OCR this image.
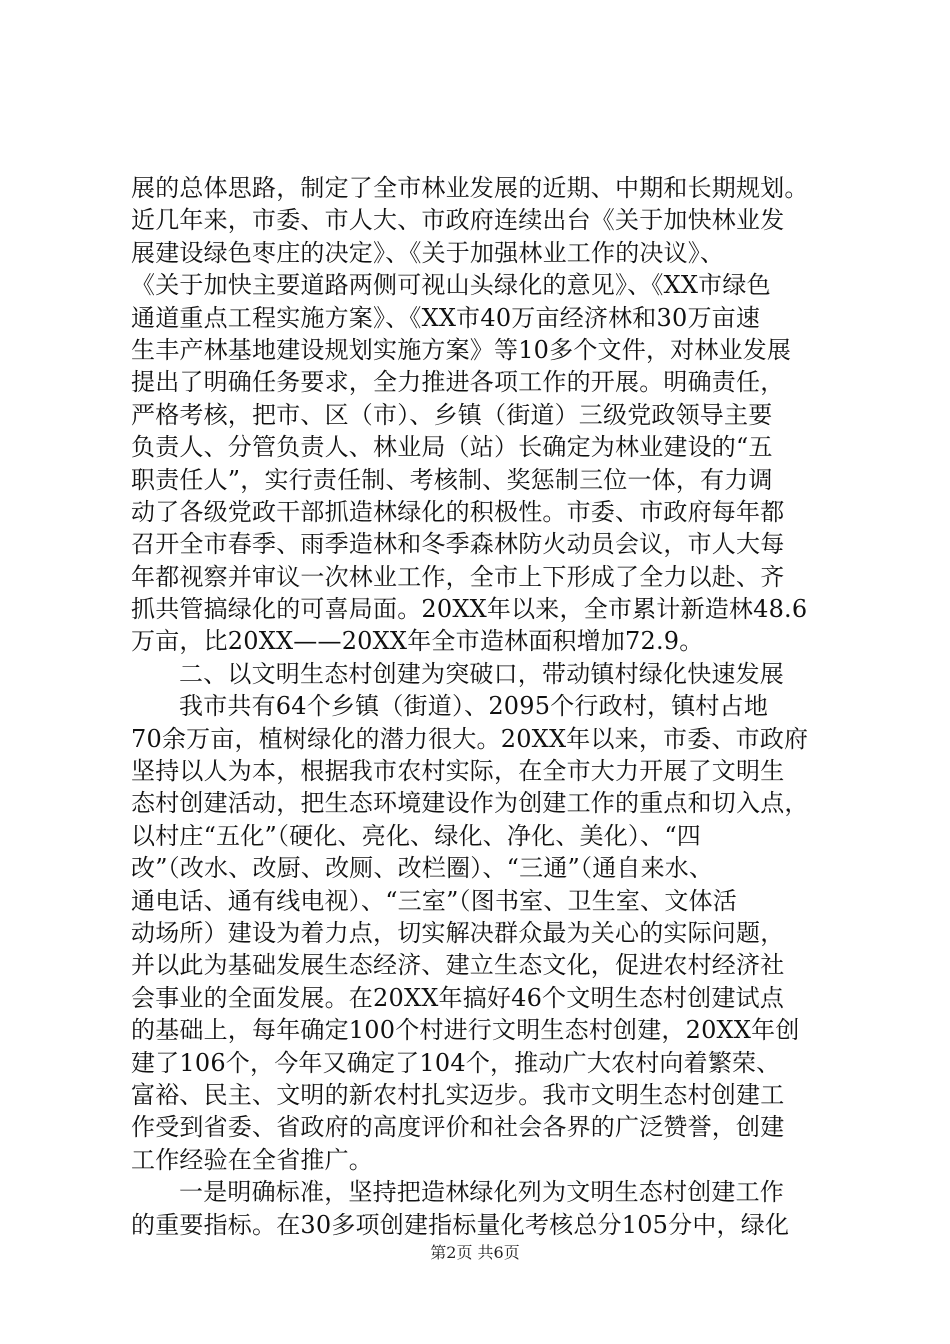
展的总体思路，制定了全市林业发展的近期、中期和长期规划。
近几年来，市委、市人大、市政府连续出台《关于加快林业发
展建设绿色枣庄的决定》、《关于加强林业工作的决议》、
《关于加快主要道路两侧可视山头绿化的意见》、《XX市绿色
通道重点工程实施方案》、《XX市40万亩经济林和30万亩速
生丰产林基地建设规划实施方案》等10多个文件，对林业发展
提出了明确任务要求，全力推进各项工作的开展。明确责任，
严格考核，把市、区（市）、乡镇（街道）三级党政领导主要
负责人、分管负责人、林业局（站）长确定为林业建设的“五
职责任人”，实行责任制、考核制、奖惩制三位一体，有力调
动了各级党政干部抓造林绿化的积极性。市委、市政府每年都
召开全市春季、雨季造林和冬季森林防火动员会议，市人大每
年都视察并审议一次林业工作，全市上下形成了全力以赴、齐
抓共管搞绿化的可喜局面。20XX年以来，全市累计新造林48.6
万亩，比20XX——20XX年全市造林面积增加72.9。
二、以文明生态村创建为突破口，带动镇村绿化快速发展
我市共有64个乡镇（街道）、2095个行政村，镇村占地
70余万亩，植树绿化的潜力很大。20XX年以来，市委、市政府
坚持以人为本，根据我市农村实际，在全市大力开展了文明生
态村创建活动，把生态环境建设作为创建工作的重点和切入点，
以村庄“五化”（硬化、亮化、绿化、净化、美化）、“四
改”（改水、改厨、改厕、改栏圈）、“三通”（通自来水、
通电话、通有线电视）、“三室”（图书室、卫生室、文体活
动场所）建设为着力点，切实解决群众最为关心的实际问题，
并以此为基础发展生态经济、建立生态文化，促进农村经济社
会事业的全面发展。在20XX年搞好46个文明生态村创建试点
的基础上，每年确定100个村进行文明生态村创建，20XX年创
建了106个，今年又确定了104个，推动广大农村向着繁荣、
富裕、民主、文明的新农村扎实迈步。我市文明生态村创建工
作受到省委、省政府的高度评价和社会各界的广泛赞誉，创建
工作经验在全省推广。
一是明确标准，坚持把造林绿化列为文明生态村创建工作
的重要指标。在30多项创建指标量化考核总分105分中，绿化
第2页 共6页
